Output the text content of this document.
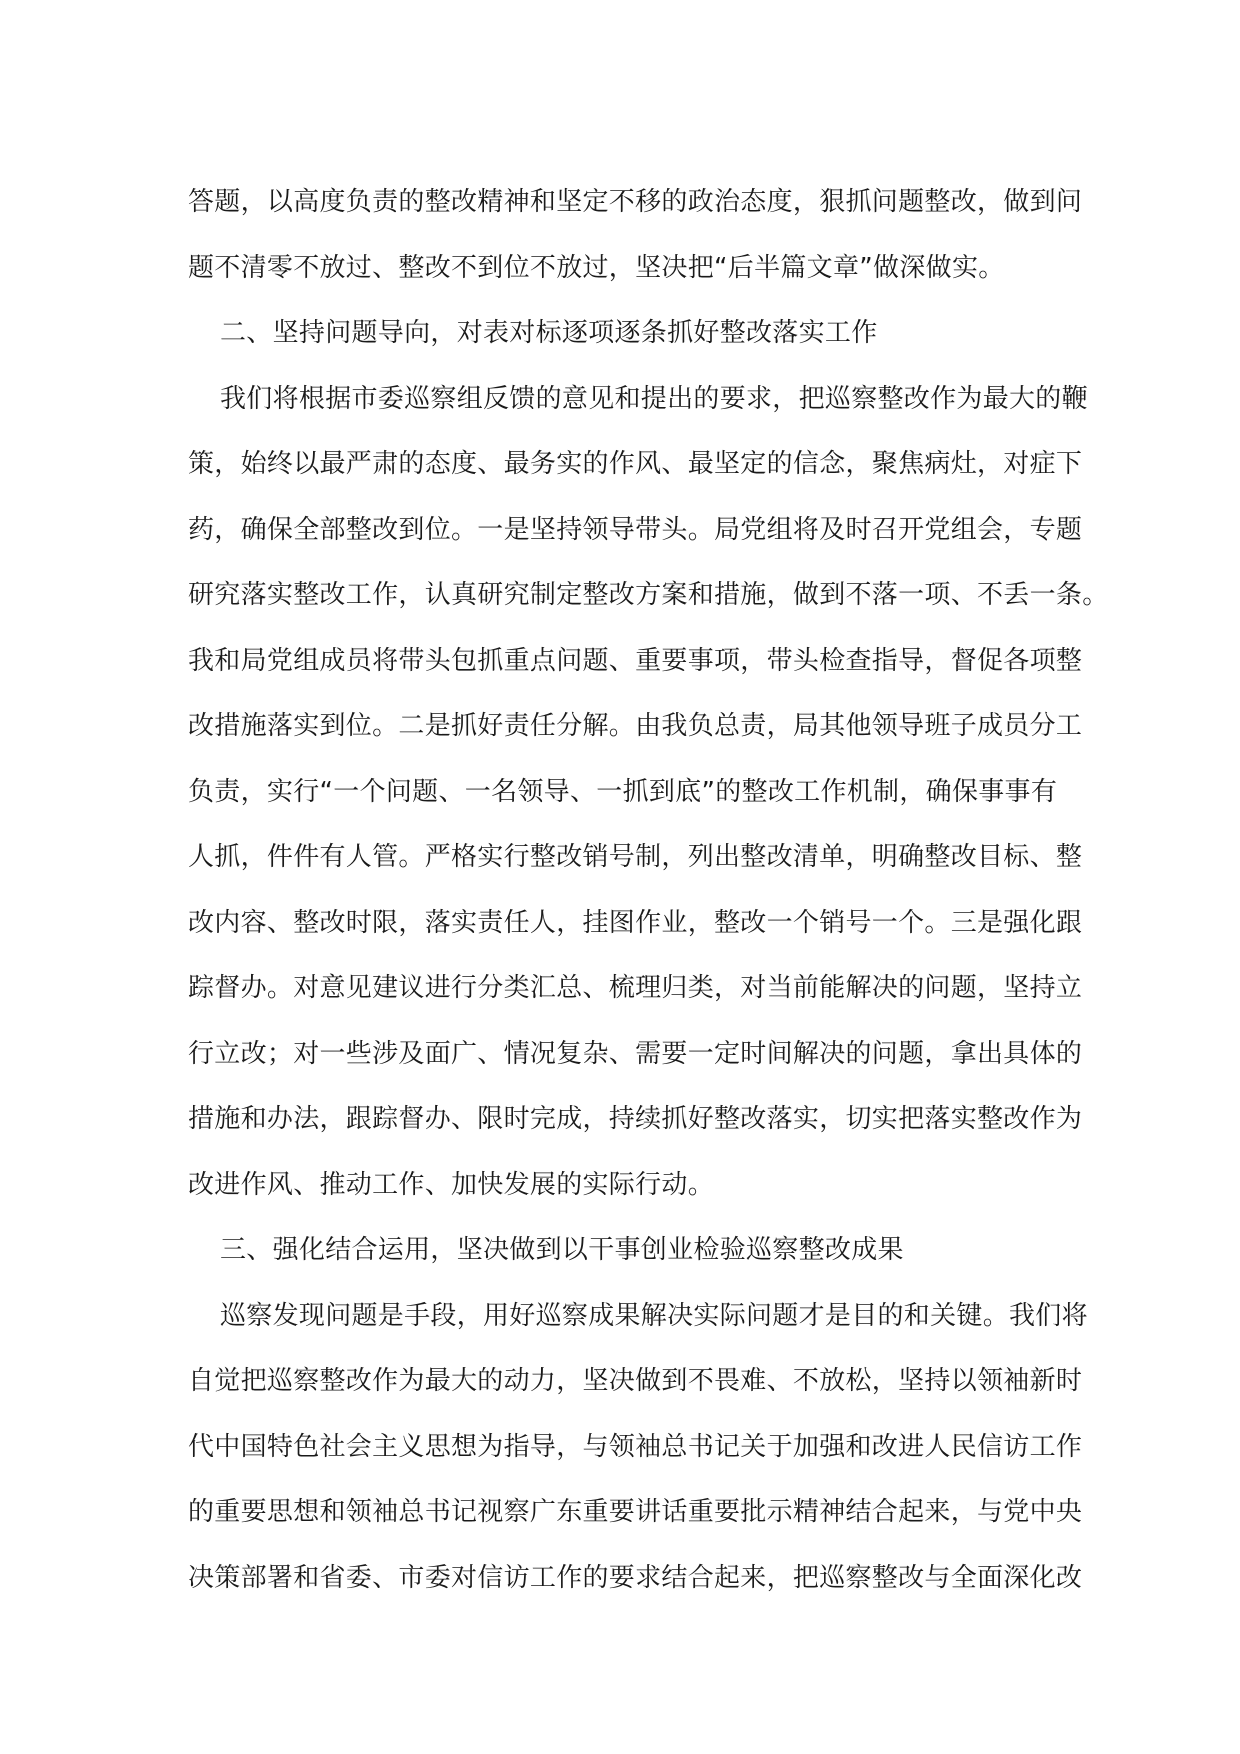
答题，以高度负责的整改精神和坚定不移的政治态度，狠抓问题整改，做到问
题不清零不放过、整改不到位不放过，坚决把“后半篇文章”做深做实。
二、坚持问题导向，对表对标逐项逐条抓好整改落实工作
我们将根据市委巡察组反馈的意见和提出的要求，把巡察整改作为最大的鞭
策，始终以最严肃的态度、最务实的作风、最坚定的信念，聚焦病灶，对症下
药，确保全部整改到位。一是坚持领导带头。局党组将及时召开党组会，专题
研究落实整改工作，认真研究制定整改方案和措施，做到不落一项、不丢一条。
我和局党组成员将带头包抓重点问题、重要事项，带头检查指导，督促各项整
改措施落实到位。二是抓好责任分解。由我负总责，局其他领导班子成员分工
负责，实行“一个问题、一名领导、一抓到底”的整改工作机制，确保事事有
人抓，件件有人管。严格实行整改销号制，列出整改清单，明确整改目标、整
改内容、整改时限，落实责任人，挂图作业，整改一个销号一个。三是强化跟
踪督办。对意见建议进行分类汇总、梳理归类，对当前能解决的问题，坚持立
行立改；对一些涉及面广、情况复杂、需要一定时间解决的问题，拿出具体的
措施和办法，跟踪督办、限时完成，持续抓好整改落实，切实把落实整改作为
改进作风、推动工作、加快发展的实际行动。
三、强化结合运用，坚决做到以干事创业检验巡察整改成果
巡察发现问题是手段，用好巡察成果解决实际问题才是目的和关键。我们将
自觉把巡察整改作为最大的动力，坚决做到不畏难、不放松，坚持以领袖新时
代中国特色社会主义思想为指导，与领袖总书记关于加强和改进人民信访工作
的重要思想和领袖总书记视察广东重要讲话重要批示精神结合起来，与党中央
决策部署和省委、市委对信访工作的要求结合起来，把巡察整改与全面深化改
